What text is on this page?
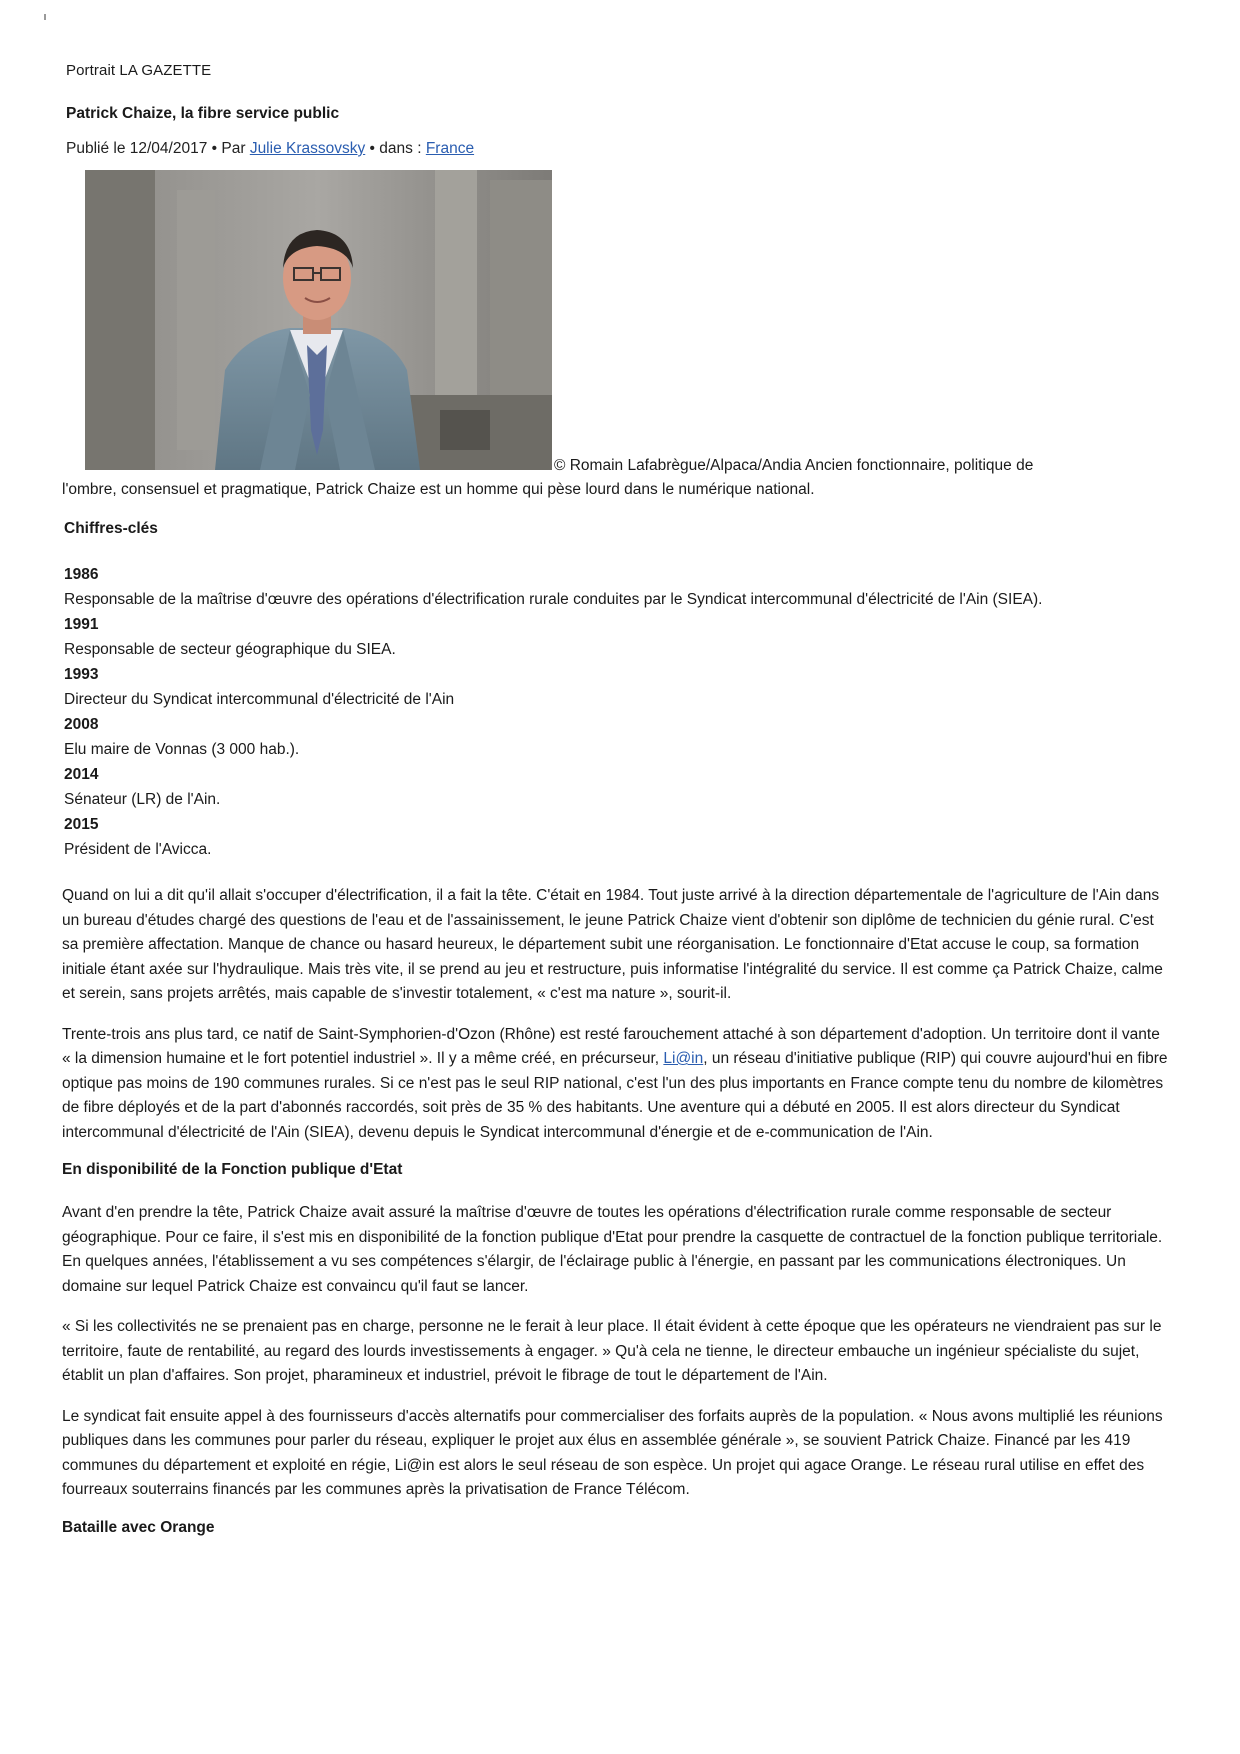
Portrait LA GAZETTE
Patrick Chaize, la fibre service public
Publié le 12/04/2017 • Par Julie Krassovsky • dans : France
© Romain Lafabrègue/Alpaca/Andia Ancien fonctionnaire, politique de
l'ombre, consensuel et pragmatique, Patrick Chaize est un homme qui pèse lourd dans le numérique national.
Chiffres-clés
1986
Responsable de la maîtrise d'œuvre des opérations d'électrification rurale conduites par le Syndicat intercommunal d'électricité de l'Ain (SIEA).
1991
Responsable de secteur géographique du SIEA.
1993
Directeur du Syndicat intercommunal d'électricité de l'Ain
2008
Elu maire de Vonnas (3 000 hab.).
2014
Sénateur (LR) de l'Ain.
2015
Président de l'Avicca.

Quand on lui a dit qu'il allait s'occuper d'électrification, il a fait la tête. C'était en 1984. Tout juste arrivé à la direction départementale de l'agriculture de l'Ain dans un bureau d'études chargé des questions de l'eau et de l'assainissement, le jeune Patrick Chaize vient d'obtenir son diplôme de technicien du génie rural. C'est sa première affectation. Manque de chance ou hasard heureux, le département subit une réorganisation. Le fonctionnaire d'Etat accuse le coup, sa formation initiale étant axée sur l'hydraulique. Mais très vite, il se prend au jeu et restructure, puis informatise l'intégralité du service. Il est comme ça Patrick Chaize, calme et serein, sans projets arrêtés, mais capable de s'investir totalement, « c'est ma nature », sourit-il.

Trente-trois ans plus tard, ce natif de Saint-Symphorien-d'Ozon (Rhône) est resté farouchement attaché à son département d'adoption. Un territoire dont il vante « la dimension humaine et le fort potentiel industriel ». Il y a même créé, en précurseur, Li@in, un réseau d'initiative publique (RIP) qui couvre aujourd'hui en fibre optique pas moins de 190 communes rurales. Si ce n'est pas le seul RIP national, c'est l'un des plus importants en France compte tenu du nombre de kilomètres de fibre déployés et de la part d'abonnés raccordés, soit près de 35 % des habitants. Une aventure qui a débuté en 2005. Il est alors directeur du Syndicat intercommunal d'électricité de l'Ain (SIEA), devenu depuis le Syndicat intercommunal d'énergie et de e-communication de l'Ain.

En disponibilité de la Fonction publique d'Etat

Avant d'en prendre la tête, Patrick Chaize avait assuré la maîtrise d'œuvre de toutes les opérations d'électrification rurale comme responsable de secteur géographique. Pour ce faire, il s'est mis en disponibilité de la fonction publique d'Etat pour prendre la casquette de contractuel de la fonction publique territoriale. En quelques années, l'établissement a vu ses compétences s'élargir, de l'éclairage public à l'énergie, en passant par les communications électroniques. Un domaine sur lequel Patrick Chaize est convaincu qu'il faut se lancer.

« Si les collectivités ne se prenaient pas en charge, personne ne le ferait à leur place. Il était évident à cette époque que les opérateurs ne viendraient pas sur le territoire, faute de rentabilité, au regard des lourds investissements à engager. » Qu'à cela ne tienne, le directeur embauche un ingénieur spécialiste du sujet, établit un plan d'affaires. Son projet, pharamineux et industriel, prévoit le fibrage de tout le département de l'Ain.

Le syndicat fait ensuite appel à des fournisseurs d'accès alternatifs pour commercialiser des forfaits auprès de la population. « Nous avons multiplié les réunions publiques dans les communes pour parler du réseau, expliquer le projet aux élus en assemblée générale », se souvient Patrick Chaize. Financé par les 419 communes du département et exploité en régie, Li@in est alors le seul réseau de son espèce. Un projet qui agace Orange. Le réseau rural utilise en effet des fourreaux souterrains financés par les communes après la privatisation de France Télécom.

Bataille avec Orange
